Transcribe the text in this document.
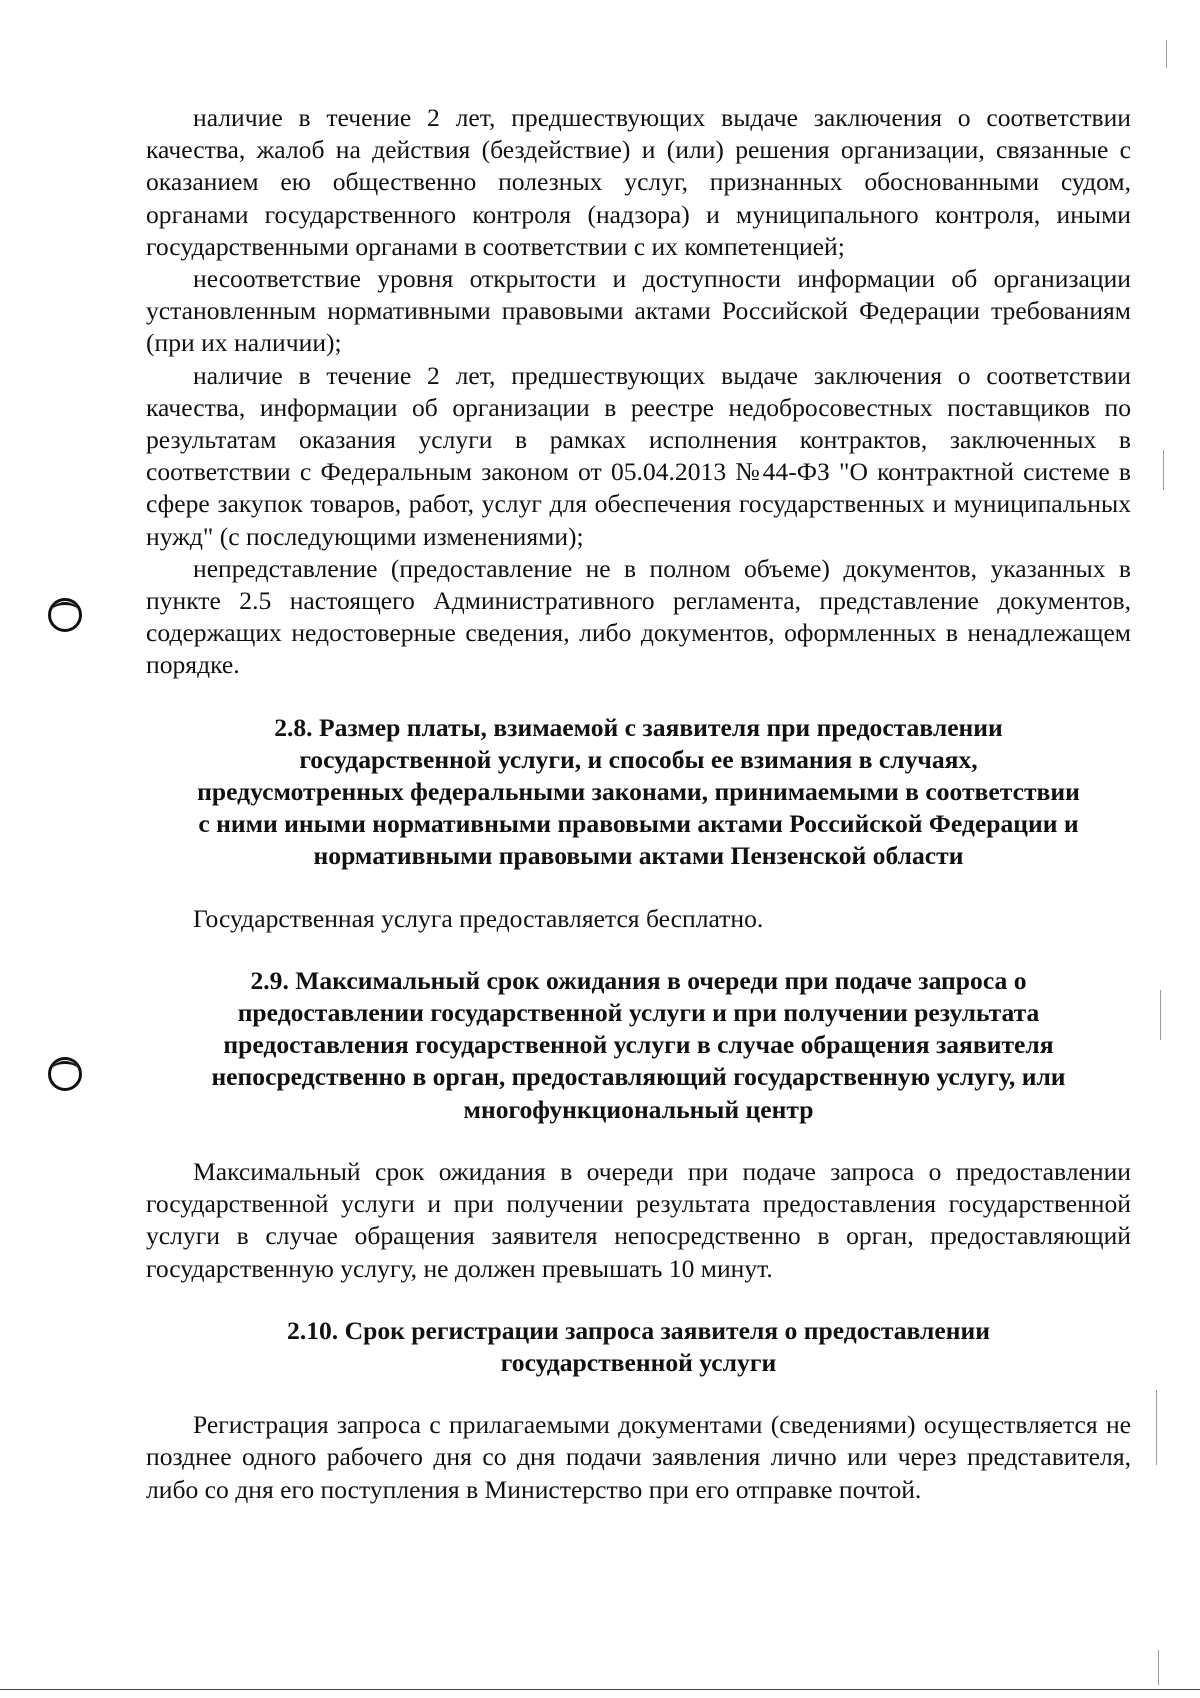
наличие в течение 2 лет, предшествующих выдаче заключения о соответствии качества, жалоб на действия (бездействие) и (или) решения организации, связанные с оказанием ею общественно полезных услуг, признанных обоснованными судом, органами государственного контроля (надзора) и муниципального контроля, иными государственными органами в соответствии с их компетенцией;

несоответствие уровня открытости и доступности информации об организации установленным нормативными правовыми актами Российской Федерации требованиям (при их наличии);

наличие в течение 2 лет, предшествующих выдаче заключения о соответствии качества, информации об организации в реестре недобросовестных поставщиков по результатам оказания услуги в рамках исполнения контрактов, заключенных в соответствии с Федеральным законом от 05.04.2013 №44-ФЗ "О контрактной системе в сфере закупок товаров, работ, услуг для обеспечения государственных и муниципальных нужд" (с последующими изменениями);

непредставление (предоставление не в полном объеме) документов, указанных в пункте 2.5 настоящего Административного регламента, представление документов, содержащих недостоверные сведения, либо документов, оформленных в ненадлежащем порядке.

2.8. Размер платы, взимаемой с заявителя при предоставлении
государственной услуги, и способы ее взимания в случаях,
предусмотренных федеральными законами, принимаемыми в соответствии
с ними иными нормативными правовыми актами Российской Федерации и
нормативными правовыми актами Пензенской области

Государственная услуга предоставляется бесплатно.

2.9. Максимальный срок ожидания в очереди при подаче запроса о
предоставлении государственной услуги и при получении результата
предоставления государственной услуги в случае обращения заявителя
непосредственно в орган, предоставляющий государственную услугу, или
многофункциональный центр

Максимальный срок ожидания в очереди при подаче запроса о предоставлении государственной услуги и при получении результата предоставления государственной услуги в случае обращения заявителя непосредственно в орган, предоставляющий государственную услугу, не должен превышать 10 минут.

2.10. Срок регистрации запроса заявителя о предоставлении
государственной услуги

Регистрация запроса с прилагаемыми документами (сведениями) осуществляется не позднее одного рабочего дня со дня подачи заявления лично или через представителя, либо со дня его поступления в Министерство при его отправке почтой.
